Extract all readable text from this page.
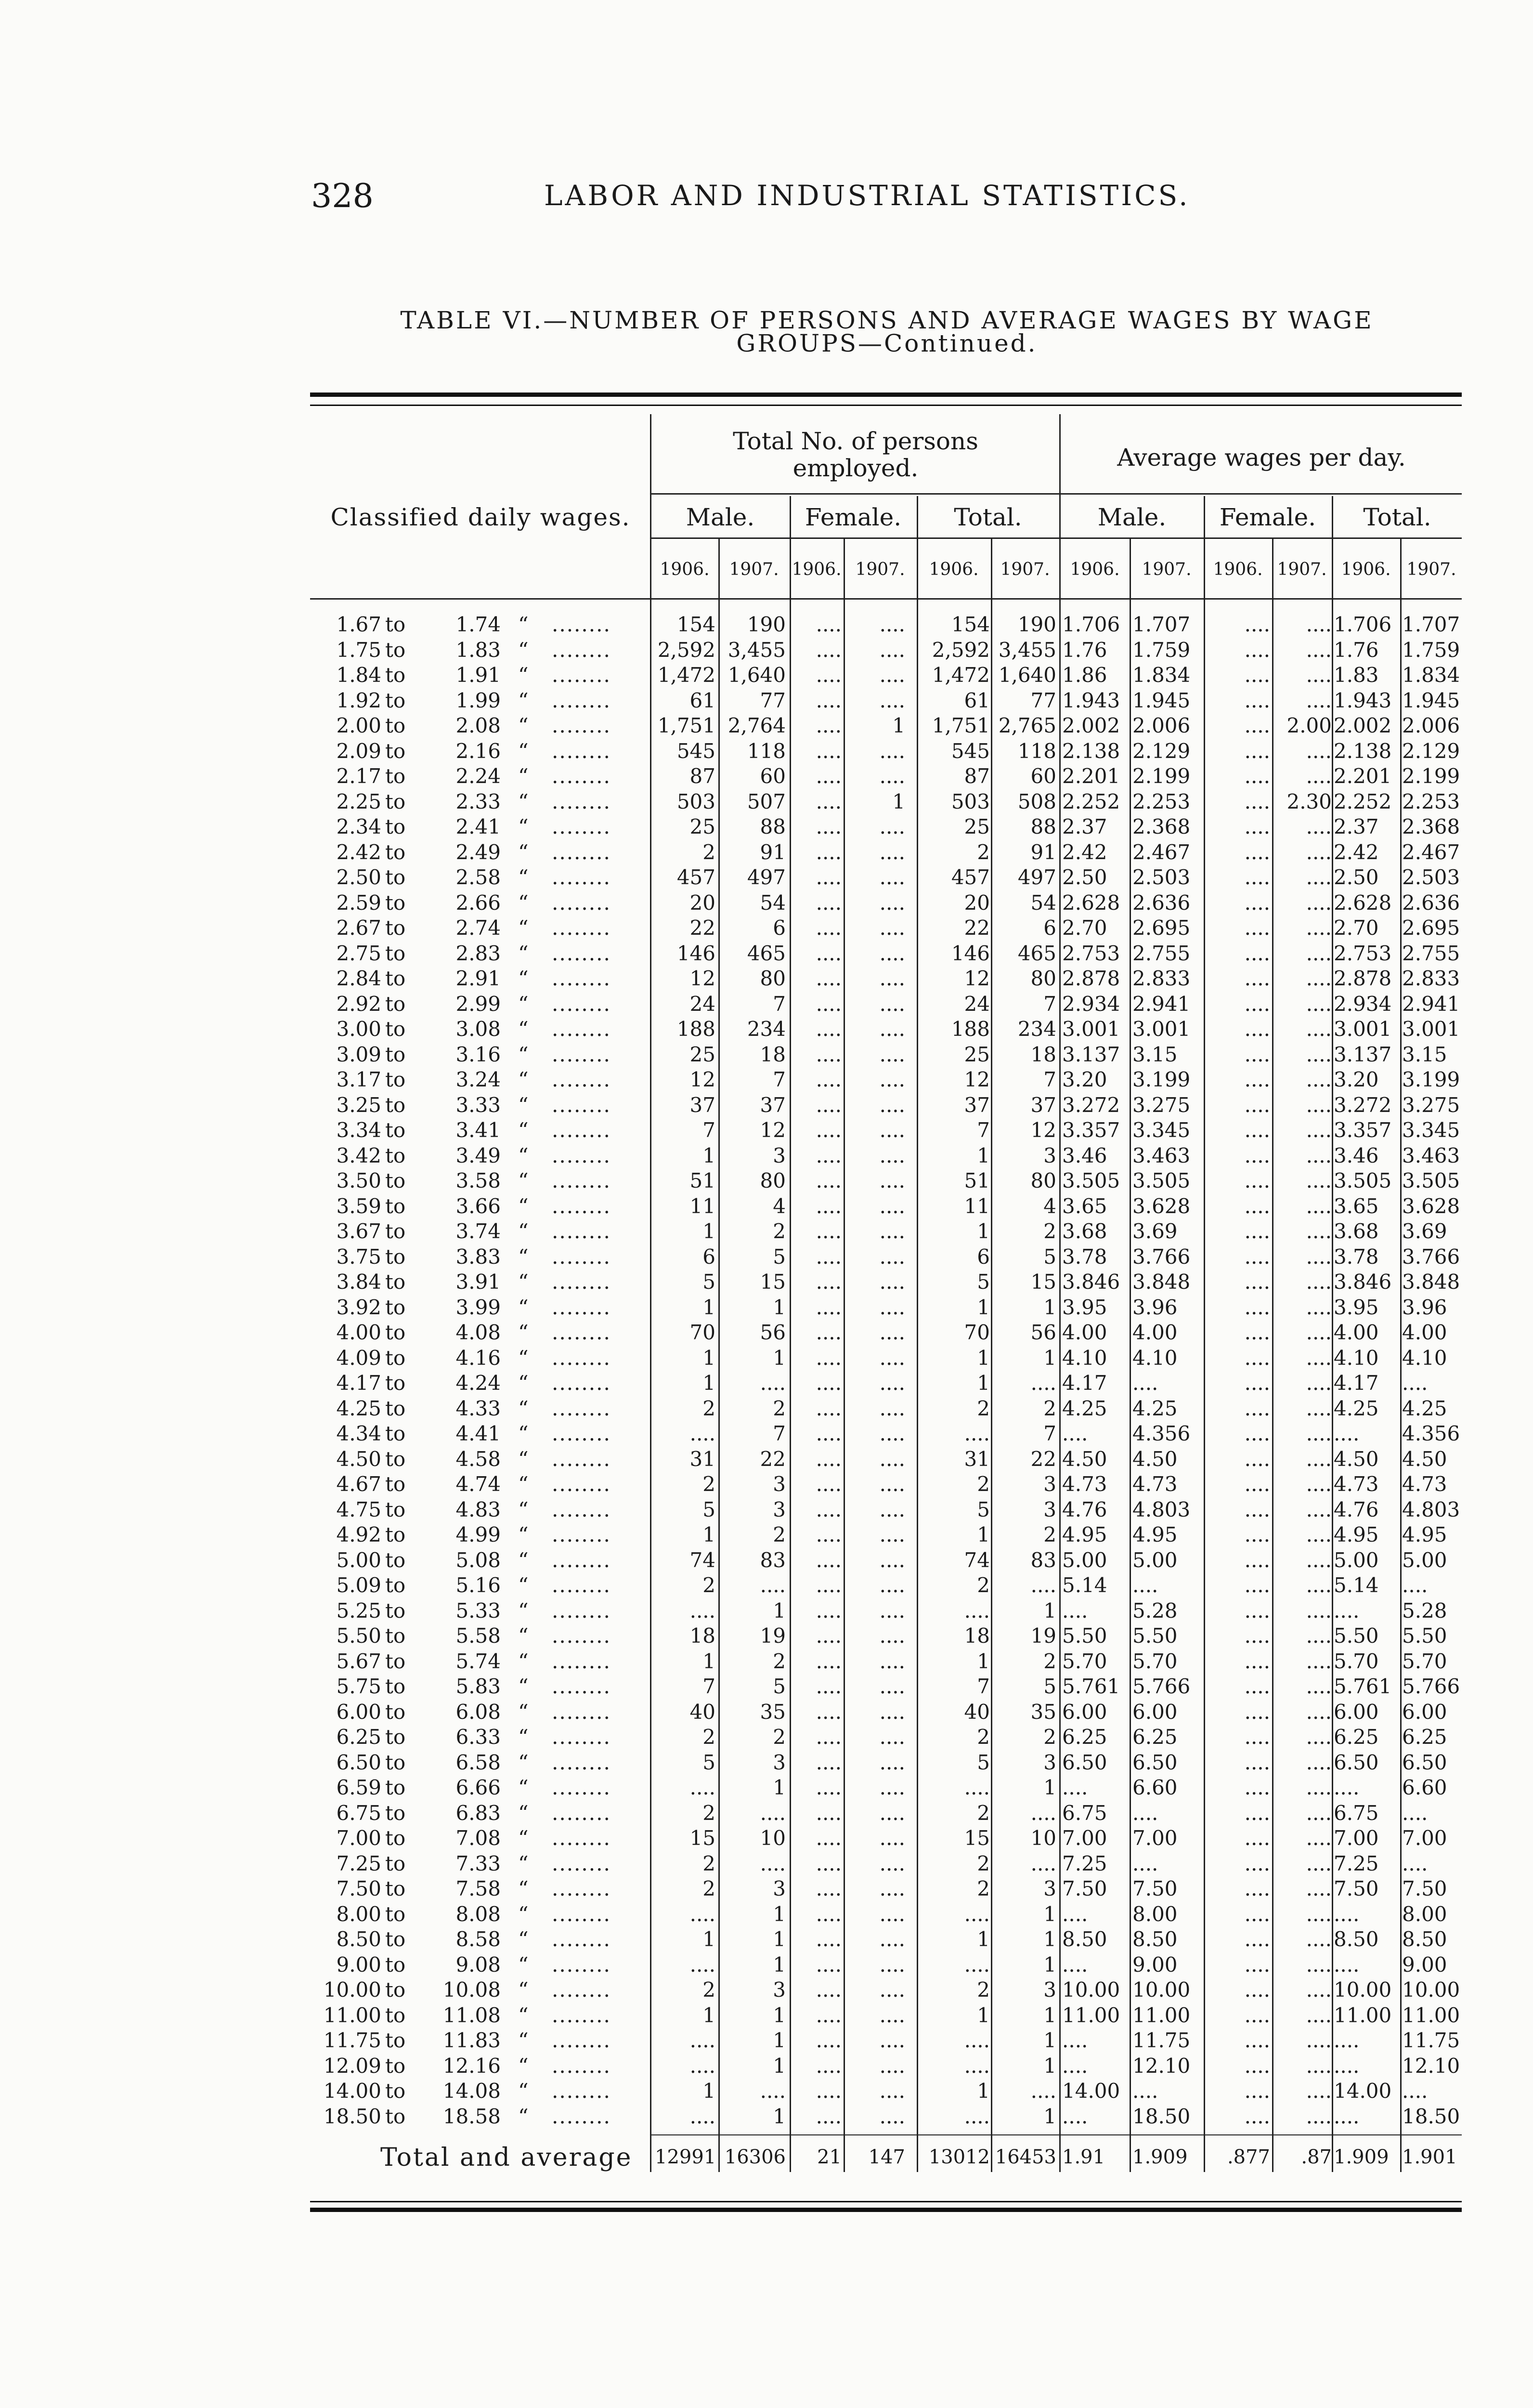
328	LABOR AND INDUSTRIAL STATISTICS.
TABLE VI.—NUMBER OF PERSONS AND AVERAGE WAGES BY WAGE
GROUPS—Continued.
Classified daily wages.
Total No. of persons
employed.	Average wages per day.
Male.	Female.	Total.	Male.	Female.	Total.
1906.	1907. 1906. 1907.	1906.	1907.	1906.	1907.	1906. 1907. 1906. 1907.
1.67 to	1.74 “ ........	154	190	....	....	154	190 1.706 1.707	....	.... 1.706 1.707
1.75 to	1.83 “ ........ 2,592 3,455	....	....	2,592 3,455 1.76	1.759	....	.... 1.76	1.759
1.84 to	1.91 “ ........ 1,472 1,640	....	....	1,472 1,640 1.86	1.834	....	.... 1.83	1.834
1.92 to	1.99 “ ........	61	77	....	....	61	77 1.943 1.945	....	.... 1.943 1.945
2.00 to	2.08 “ ........ 1,751 2,764	....	1	1,751 2,765 2.002 2.006	.... 2.00 2.002 2.006
2.09 to	2.16 “ ........	545	118	....	....	545	118 2.138 2.129	....	.... 2.138 2.129
2.17 to	2.24 “ ........	87	60	....	....	87	60 2.201 2.199	....	.... 2.201 2.199
2.25 to	2.33 “ ........	503	507	....	1	503	508 2.252 2.253	.... 2.30 2.252 2.253
2.34 to	2.41 “ ........	25	88	....	....	25	88 2.37	2.368	....	.... 2.37	2.368
2.42 to	2.49 “ ........	2	91	....	....	2	91 2.42	2.467	....	.... 2.42	2.467
2.50 to	2.58 “ ........	457	497	....	....	457	497 2.50	2.503	....	.... 2.50	2.503
2.59 to	2.66 “ ........	20	54	....	....	20	54 2.628 2.636	....	.... 2.628 2.636
2.67 to	2.74 “ ........	22	6	....	....	22	6 2.70	2.695	....	.... 2.70	2.695
2.75 to	2.83 “ ........	146	465	....	....	146	465 2.753 2.755	....	.... 2.753 2.755
2.84 to	2.91 “ ........	12	80	....	....	12	80 2.878 2.833	....	.... 2.878 2.833
2.92 to	2.99 “ ........	24	7	....	....	24	7 2.934 2.941	....	.... 2.934 2.941
3.00 to	3.08 “ ........	188	234	....	....	188	234 3.001 3.001	....	.... 3.001 3.001
3.09 to	3.16 “ ........	25	18	....	....	25	18 3.137 3.15	....	.... 3.137 3.15
3.17 to	3.24 “ ........	12	7	....	....	12	7 3.20	3.199	....	.... 3.20	3.199
3.25 to	3.33 “ ........	37	37	....	....	37	37 3.272 3.275	....	.... 3.272 3.275
3.34 to	3.41 “ ........	7	12	....	....	7	12 3.357 3.345	....	.... 3.357 3.345
3.42 to	3.49 “ ........	1	3	....	....	1	3 3.46	3.463	....	.... 3.46	3.463
3.50 to	3.58 “ ........	51	80	....	....	51	80 3.505 3.505	....	.... 3.505 3.505
3.59 to	3.66 “ ........	11	4	....	....	11	4 3.65	3.628	....	.... 3.65	3.628
3.67 to	3.74 “ ........	1	2	....	....	1	2 3.68	3.69	....	.... 3.68	3.69
3.75 to	3.83 “ ........	6	5	....	....	6	5 3.78	3.766	....	.... 3.78	3.766
3.84 to	3.91 “ ........	5	15	....	....	5	15 3.846 3.848	....	.... 3.846 3.848
3.92 to	3.99 “ ........	1	1	....	....	1	1 3.95	3.96	....	.... 3.95	3.96
4.00 to	4.08 “ ........	70	56	....	....	70	56 4.00	4.00	....	.... 4.00	4.00
4.09 to	4.16 “ ........	1	1	....	....	1	1 4.10	4.10	....	.... 4.10	4.10
4.17 to	4.24 “ ........	1	....	....	....	1	.... 4.17	....	....	.... 4.17	....
4.25 to	4.33 “ ........	2	2	....	....	2	2 4.25	4.25	....	.... 4.25	4.25
4.34 to	4.41 “ ........	....	7	....	....	....	7 ....	4.356	....	.... ....	4.356
4.50 to	4.58 “ ........	31	22	....	....	31	22 4.50	4.50	....	.... 4.50	4.50
4.67 to	4.74 “ ........	2	3	....	....	2	3 4.73	4.73	....	.... 4.73	4.73
4.75 to	4.83 “ ........	5	3	....	....	5	3 4.76	4.803	....	.... 4.76	4.803
4.92 to	4.99 “ ........	1	2	....	....	1	2 4.95	4.95	....	.... 4.95	4.95
5.00 to	5.08 “ ........	74	83	....	....	74	83 5.00	5.00	....	.... 5.00	5.00
5.09 to	5.16 “ ........	2	....	....	....	2	.... 5.14	....	....	.... 5.14	....
5.25 to	5.33 “ ........	....	1	....	....	....	1 ....	5.28	....	.... ....	5.28
5.50 to	5.58 “ ........	18	19	....	....	18	19 5.50	5.50	....	.... 5.50	5.50
5.67 to	5.74 “ ........	1	2	....	....	1	2 5.70	5.70	....	.... 5.70	5.70
5.75 to	5.83 “ ........	7	5	....	....	7	5 5.761 5.766	....	.... 5.761 5.766
6.00 to	6.08 “ ........	40	35	....	....	40	35 6.00	6.00	....	.... 6.00	6.00
6.25 to	6.33 “ ........	2	2	....	....	2	2 6.25	6.25	....	.... 6.25	6.25
6.50 to	6.58 “ ........	5	3	....	....	5	3 6.50	6.50	....	.... 6.50	6.50
6.59 to	6.66 “ ........	....	1	....	....	....	1 ....	6.60	....	.... ....	6.60
6.75 to	6.83 “ ........	2	....	....	....	2	.... 6.75	....	....	.... 6.75	....
7.00 to	7.08 “ ........	15	10	....	....	15	10 7.00	7.00	....	.... 7.00	7.00
7.25 to	7.33 “ ........	2	....	....	....	2	.... 7.25	....	....	.... 7.25	....
7.50 to	7.58 “ ........	2	3	....	....	2	3 7.50	7.50	....	.... 7.50	7.50
8.00 to	8.08 “ ........	....	1	....	....	....	1 ....	8.00	....	.... ....	8.00
8.50 to	8.58 “ ........	1	1	....	....	1	1 8.50	8.50	....	.... 8.50	8.50
9.00 to	9.08 “ ........	....	1	....	....	....	1 ....	9.00	....	.... ....	9.00
10.00 to	10.08 “ ........	2	3	....	....	2	3 10.00 10.00	....	.... 10.00 10.00
11.00 to	11.08 “ ........	1	1	....	....	1	1 11.00 11.00	....	.... 11.00 11.00
11.75 to	11.83 “ ........	....	1	....	....	....	1 ....	11.75	....	.... ....	11.75
12.09 to	12.16 “ ........	....	1	....	....	....	1 ....	12.10	....	.... ....	12.10
14.00 to	14.08 “ ........	1	....	....	....	1	.... 14.00 ....	....	.... 14.00 ....
18.50 to	18.58 “ ........	....	1	....	....	....	1 ....	18.50	....	.... ....	18.50
Total and average 12991 16306	21	147	13012 16453 1.91	1.909	.877	.87 1.909 1.901
